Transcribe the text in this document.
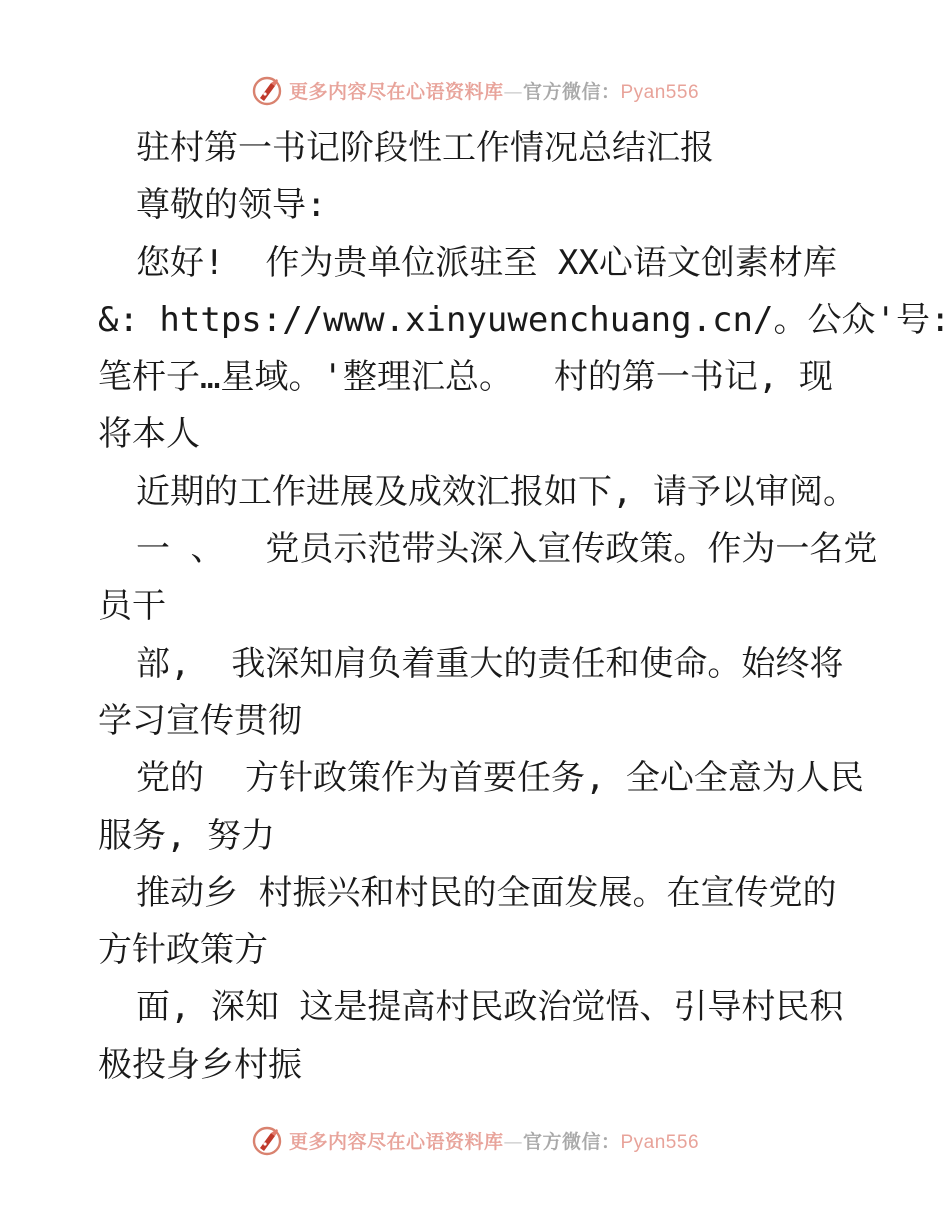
更多内容尽在心语资料库—官方微信：Pyan556
驻村第一书记阶段性工作情况总结汇报
尊敬的领导:
您好!  作为贵单位派驻至 XX心语文创素材库
&: https://www.xinyuwenchuang.cn/。公众'号:
笔杆子…星域。'整理汇总。  村的第一书记, 现
将本人
近期的工作进展及成效汇报如下, 请予以审阅。
一 、  党员示范带头深入宣传政策。作为一名党
员干
部,  我深知肩负着重大的责任和使命。始终将
学习宣传贯彻
党的  方针政策作为首要任务, 全心全意为人民
服务, 努力
推动乡 村振兴和村民的全面发展。在宣传党的
方针政策方
面, 深知 这是提高村民政治觉悟、引导村民积
极投身乡村振
更多内容尽在心语资料库—官方微信：Pyan556
